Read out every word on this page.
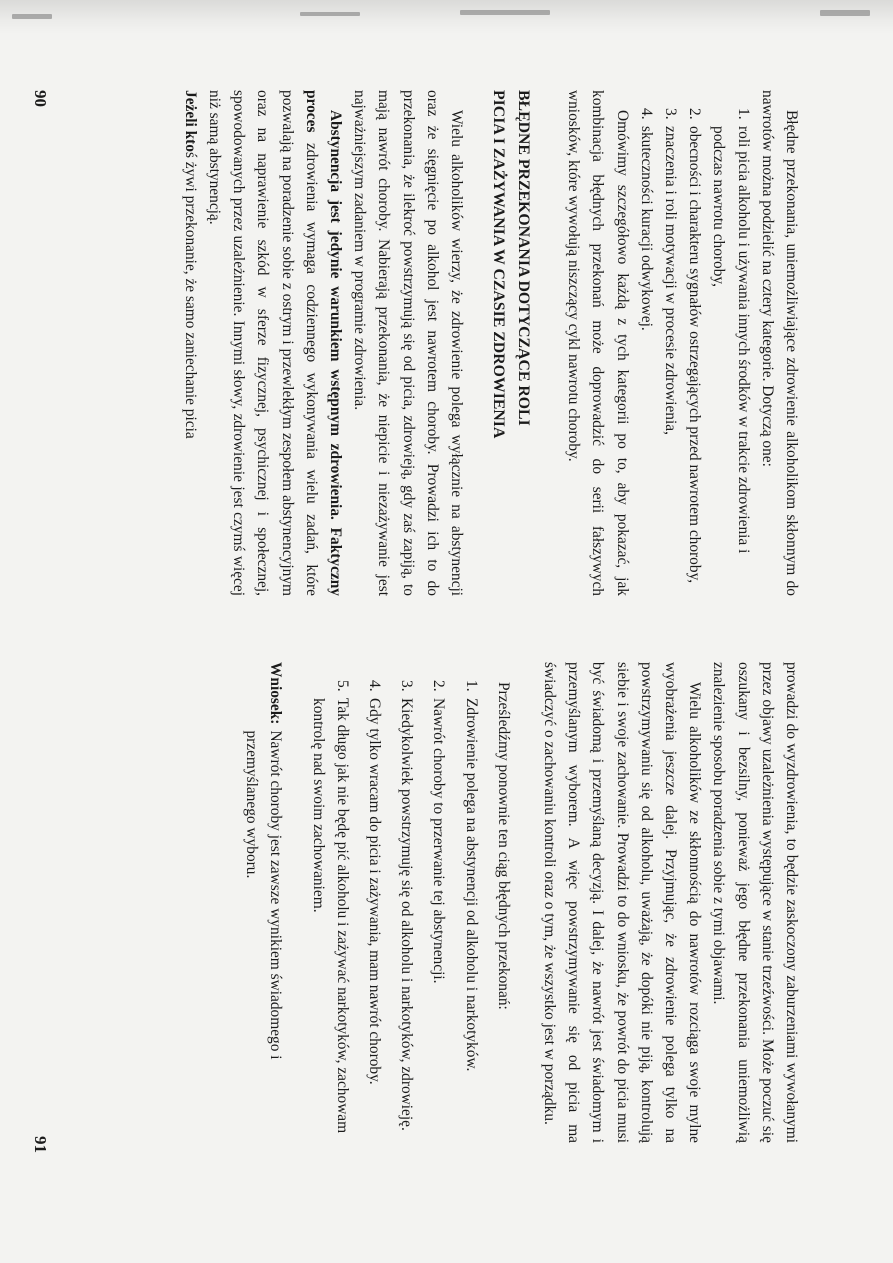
Błędne przekonania, uniemożliwiające zdrowienie alkoholikom skłonnym do nawrotów można podzielić na cztery kategorie. Dotyczą one:

1.roli picia alkoholu i używania innych środków w trakcie zdrowienia i podczas nawrotu choroby,
2.obecności i charakteru sygnałów ostrzegających przed nawrotem choroby,
3.znaczenia i roli motywacji w procesie zdrowienia,
4.skuteczności kuracji odwykowej.

Omówimy szczegółowo każdą z tych kategorii po to, aby pokazać, jak kombinacja błędnych przekonań może doprowadzić do serii fałszywych wniosków, które wywołują niszczący cykl nawrotu choroby.

BŁĘDNE PRZEKONANIA DOTYCZĄCE ROLI
PICIA I ZAŻYWANIA W CZASIE ZDROWIENIA

Wielu alkoholików wierzy, że zdrowienie polega wyłącznie na abstynencji oraz że sięgnięcie po alkohol jest nawrotem choroby. Prowadzi ich to do przekonania, że ilekroć powstrzymują się od picia, zdrowieją, gdy zaś zapiją, to mają nawrót choroby. Nabierają przekonania, że niepicie i niezażywanie jest najważniejszym zadaniem w programie zdrowienia.

Abstynencja jest jedynie warunkiem wstępnym zdrowienia. Faktyczny proces zdrowienia wymaga codziennego wykonywania wielu zadań, które pozwalają na poradzenie sobie z ostrym i przewlekłym zespołem abstynencyjnym oraz na naprawienie szkód w sferze fizycznej, psychicznej i społecznej, spowodowanych przez uzależnienie. Innymi słowy, zdrowienie jest czymś więcej niż samą abstynencją.

Jeżeli ktoś żywi przekonanie, że samo zaniechanie picia

90

prowadzi do wyzdrowienia, to będzie zaskoczony zaburzeniami wywołanymi przez objawy uzależnienia występujące w stanie trzeźwości. Może poczuć się oszukany i bezsilny, ponieważ jego błędne przekonania uniemożliwią znalezienie sposobu poradzenia sobie z tymi objawami.

Wielu alkoholików ze skłonnością do nawrotów rozciąga swoje mylne wyobrażenia jeszcze dalej. Przyjmując, że zdrowienie polega tylko na powstrzymywaniu się od alkoholu, uważają, że dopóki nie piją, kontrolują siebie i swoje zachowanie. Prowadzi to do wniosku, że powrót do picia musi być świadomą i przemyślaną decyzją. I dalej, że nawrót jest świadomym i przemyślanym wyborem. A więc powstrzymywanie się od picia ma świadczyć o zachowaniu kontroli oraz o tym, że wszystko jest w porządku.

Prześledźmy ponownie ten ciąg błędnych przekonań:

1.Zdrowienie polega na abstynencji od alkoholu i narkotyków.
2.Nawrót choroby to przerwanie tej abstynencji.
3.Kiedykolwiek powstrzymuję się od alkoholu i narkotyków, zdrowieję.
4.Gdy tylko wracam do picia i zażywania, mam nawrót choroby.
5.Tak długo jak nie będę pić alkoholu i zażywać narkotyków, zachowam kontrolę nad swoim zachowaniem.
Wniosek:
Nawrót choroby jest zawsze wynikiem świadomego i przemyślanego wyboru.
91
